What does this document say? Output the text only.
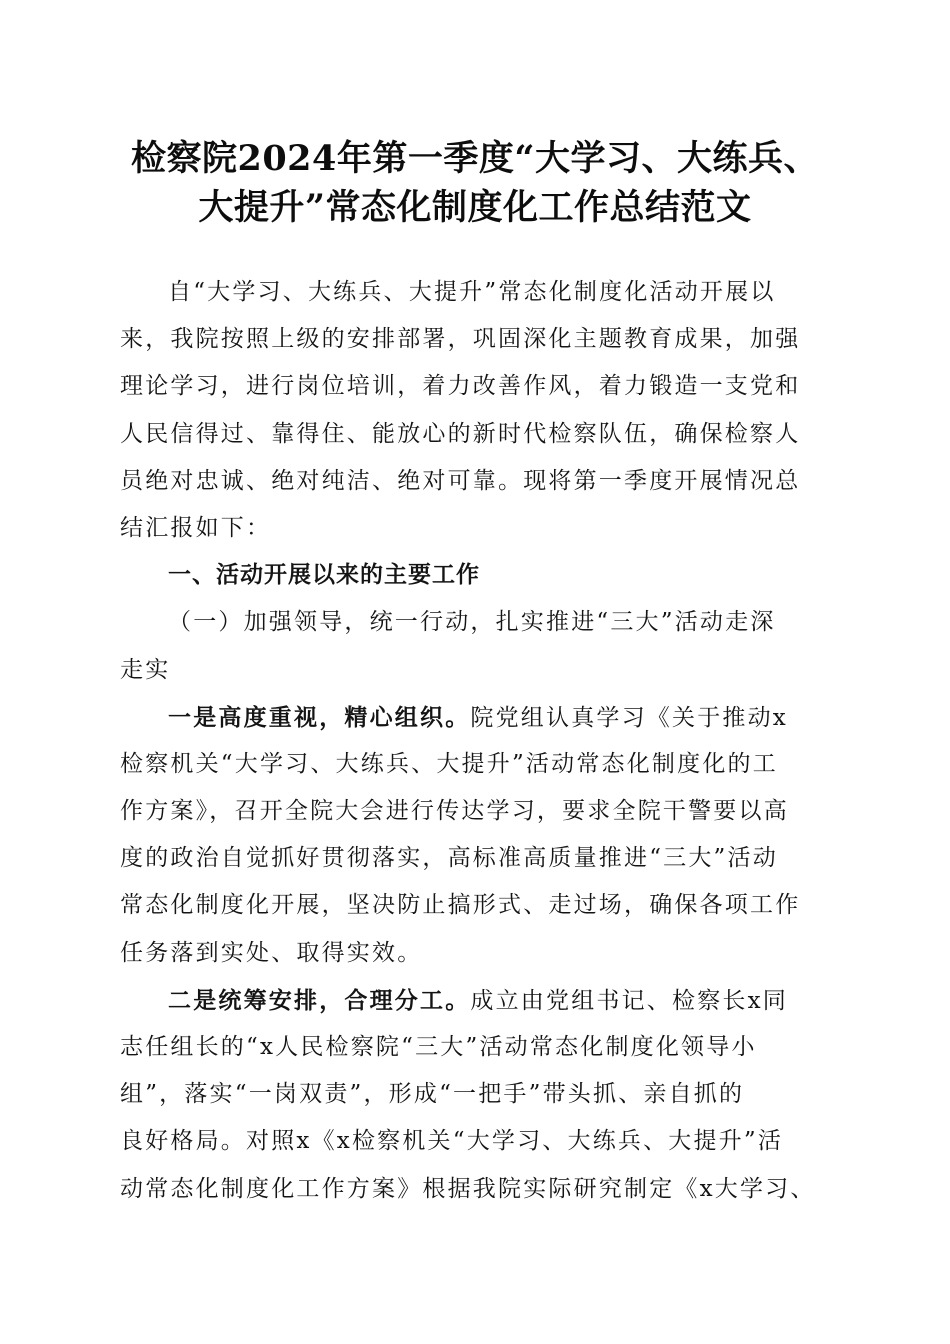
检察院2024年第一季度“大学习、大练兵、
大提升”常态化制度化工作总结范文
自“大学习、大练兵、大提升”常态化制度化活动开展以
来，我院按照上级的安排部署，巩固深化主题教育成果，加强
理论学习，进行岗位培训，着力改善作风，着力锻造一支党和
人民信得过、靠得住、能放心的新时代检察队伍，确保检察人
员绝对忠诚、绝对纯洁、绝对可靠。现将第一季度开展情况总
结汇报如下：
一、活动开展以来的主要工作
（一）加强领导，统一行动，扎实推进“三大”活动走深
走实
一是高度重视，精心组织。院党组认真学习《关于推动x
检察机关“大学习、大练兵、大提升”活动常态化制度化的工
作方案》，召开全院大会进行传达学习，要求全院干警要以高
度的政治自觉抓好贯彻落实，高标准高质量推进“三大”活动
常态化制度化开展，坚决防止搞形式、走过场，确保各项工作
任务落到实处、取得实效。
二是统筹安排，合理分工。成立由党组书记、检察长x同
志任组长的“x人民检察院“三大”活动常态化制度化领导小
组”，落实“一岗双责”，形成“一把手”带头抓、亲自抓的
良好格局。对照x《x检察机关“大学习、大练兵、大提升”活
动常态化制度化工作方案》根据我院实际研究制定《x大学习、
